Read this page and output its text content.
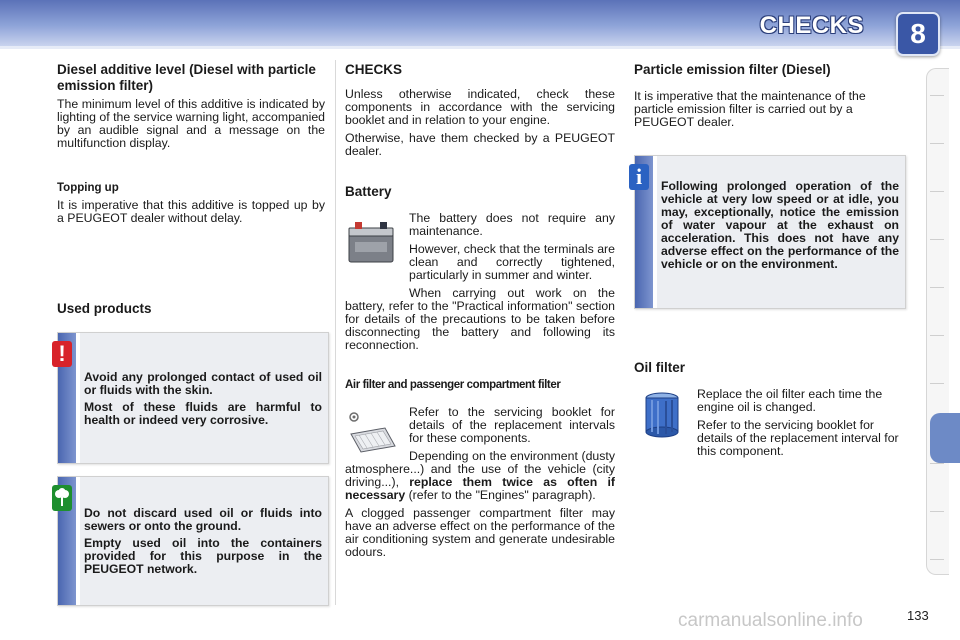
CHECKS	8
Diesel additive level (Diesel with particle emission filter)

The minimum level of this additive is indicated by lighting of the service warning light, accompanied by an audible signal and a message on the multifunction display.

Topping up

It is imperative that this additive is topped up by a PEUGEOT dealer without delay.

Used products
!

Avoid any prolonged contact of used oil or fluids with the skin.

Most of these fluids are harmful to health or indeed very corrosive.

Do not discard used oil or fluids into sewers or onto the ground.

Empty used oil into the containers provided for this purpose in the PEUGEOT network.

CHECKS

Unless otherwise indicated, check these components in accordance with the servicing booklet and in relation to your engine.

Otherwise, have them checked by a PEUGEOT dealer.

Battery

The battery does not require any maintenance.

However, check that the terminals are clean and correctly tightened, particularly in summer and winter.

When carrying out work on the battery, refer to the "Practical information" section for details of the precautions to be taken before disconnecting the battery and following its reconnection.

Air filter and passenger compartment filter

Refer to the servicing booklet for details of the replacement intervals for these components.

Depending on the environment (dusty atmosphere...) and the use of the vehicle (city driving...), replace them twice as often if necessary (refer to the "Engines" paragraph).

A clogged passenger compartment filter may have an adverse effect on the performance of the air conditioning system and generate undesirable odours.

Particle emission filter (Diesel)

It is imperative that the maintenance of the particle emission filter is carried out by a PEUGEOT dealer.

i	Following prolonged operation of the vehicle at very low speed or at idle, you may, exceptionally, notice the emission of water vapour at the exhaust on acceleration. This does not have any adverse effect on the performance of the vehicle or on the environment.

Oil filter

Replace the oil filter each time the engine oil is changed.

Refer to the servicing booklet for details of the replacement interval for this component.

carmanualsonline.info	133
